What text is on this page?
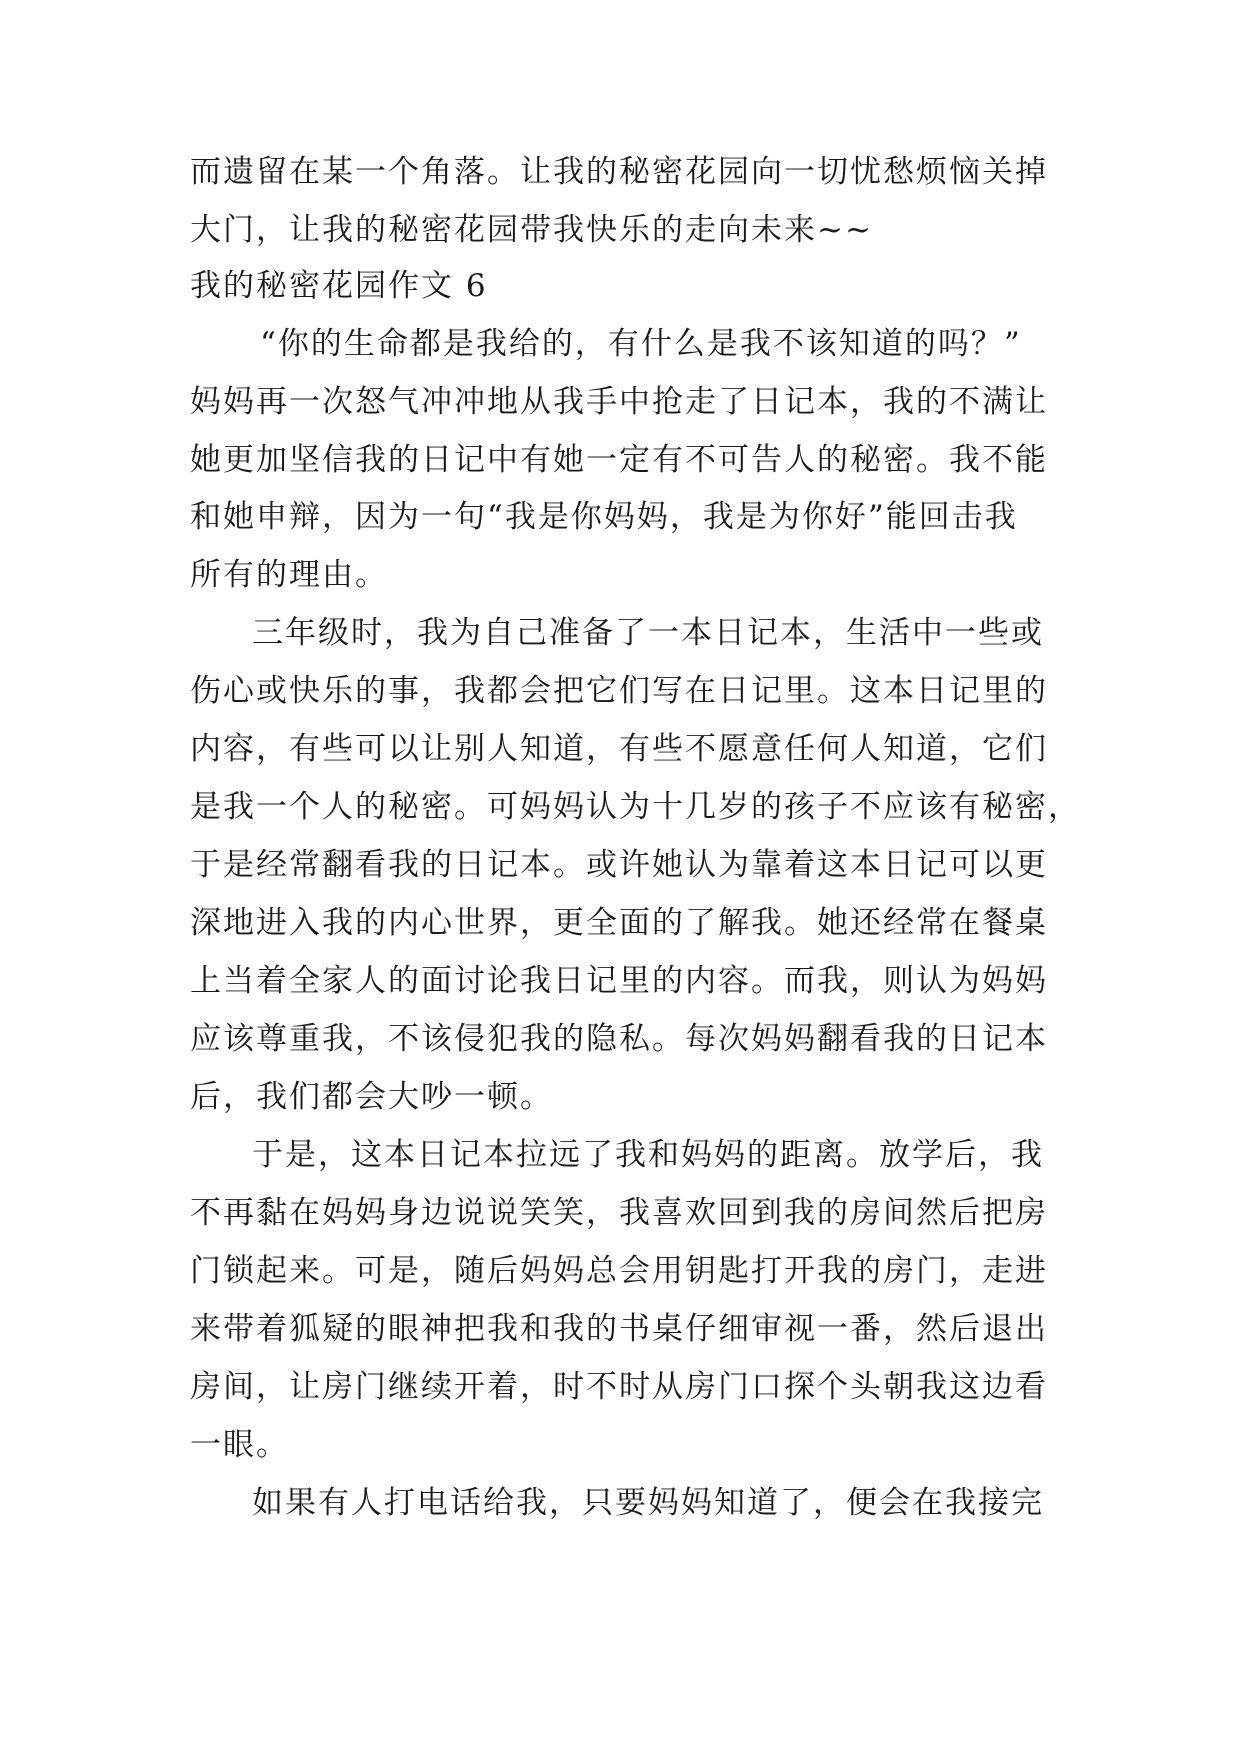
而遗留在某一个角落。让我的秘密花园向一切忧愁烦恼关掉
大门，让我的秘密花园带我快乐的走向未来~~
我的秘密花园作文 6
“你的生命都是我给的，有什么是我不该知道的吗？”
妈妈再一次怒气冲冲地从我手中抢走了日记本，我的不满让
她更加坚信我的日记中有她一定有不可告人的秘密。我不能
和她申辩，因为一句“我是你妈妈，我是为你好”能回击我
所有的理由。
三年级时，我为自己准备了一本日记本，生活中一些或
伤心或快乐的事，我都会把它们写在日记里。这本日记里的
内容，有些可以让别人知道，有些不愿意任何人知道，它们
是我一个人的秘密。可妈妈认为十几岁的孩子不应该有秘密，
于是经常翻看我的日记本。或许她认为靠着这本日记可以更
深地进入我的内心世界，更全面的了解我。她还经常在餐桌
上当着全家人的面讨论我日记里的内容。而我，则认为妈妈
应该尊重我，不该侵犯我的隐私。每次妈妈翻看我的日记本
后，我们都会大吵一顿。
于是，这本日记本拉远了我和妈妈的距离。放学后，我
不再黏在妈妈身边说说笑笑，我喜欢回到我的房间然后把房
门锁起来。可是，随后妈妈总会用钥匙打开我的房门，走进
来带着狐疑的眼神把我和我的书桌仔细审视一番，然后退出
房间，让房门继续开着，时不时从房门口探个头朝我这边看
一眼。
如果有人打电话给我，只要妈妈知道了，便会在我接完
